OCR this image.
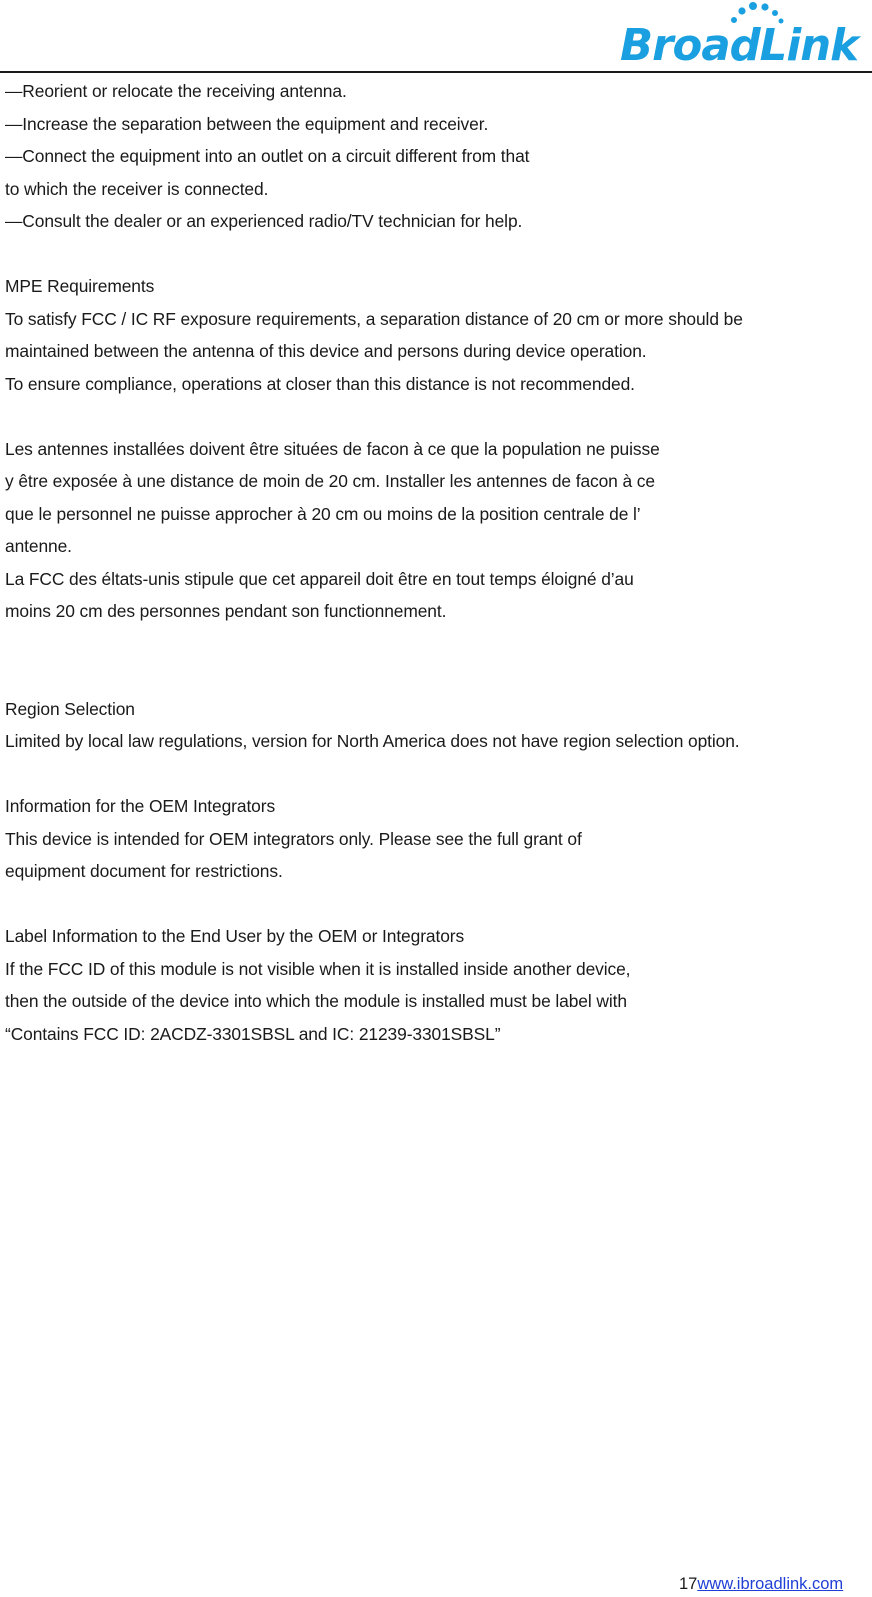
BroadLink
—Reorient or relocate the receiving antenna.
—Increase the separation between the equipment and receiver.
—Connect the equipment into an outlet on a circuit different from that
to which the receiver is connected.
—Consult the dealer or an experienced radio/TV technician for help.
MPE Requirements
To satisfy FCC / IC RF exposure requirements, a separation distance of 20 cm or more should be
maintained between the antenna of this device and persons during device operation.
To ensure compliance, operations at closer than this distance is not recommended.
Les antennes installées doivent être situées de facon à ce que la population ne puisse
y être exposée à une distance de moin de 20 cm. Installer les antennes de facon à ce
que le personnel ne puisse approcher à 20 cm ou moins de la position centrale de l’
antenne.
La FCC des éltats-unis stipule que cet appareil doit être en tout temps éloigné d’au
moins 20 cm des personnes pendant son functionnement.
Region Selection
Limited by local law regulations, version for North America does not have region selection option.
Information for the OEM Integrators
This device is intended for OEM integrators only. Please see the full grant of
equipment document for restrictions.
Label Information to the End User by the OEM or Integrators
If the FCC ID of this module is not visible when it is installed inside another device,
then the outside of the device into which the module is installed must be label with
“Contains FCC ID: 2ACDZ-3301SBSL and IC: 21239-3301SBSL”
17www.ibroadlink.com
